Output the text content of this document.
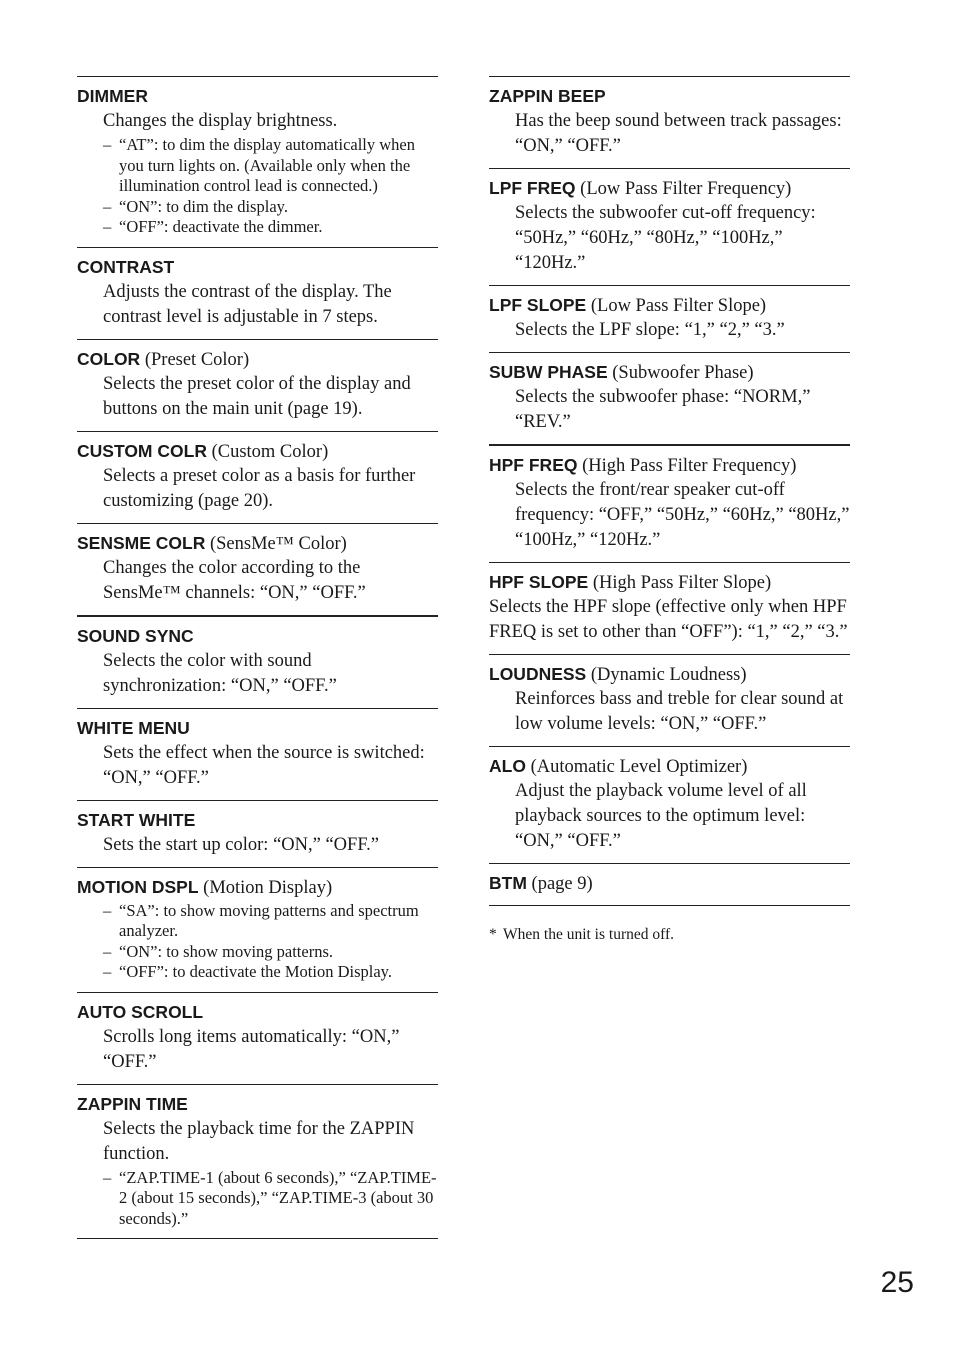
DIMMER

Changes the display brightness.

– “AT”: to dim the display automatically when you turn lights on. (Available only when the illumination control lead is connected.)
– “ON”: to dim the display.
– “OFF”: deactivate the dimmer.

CONTRAST

Adjusts the contrast of the display. The contrast level is adjustable in 7 steps.

COLOR (Preset Color)

Selects the preset color of the display and buttons on the main unit (page 19).

CUSTOM COLR (Custom Color)

Selects a preset color as a basis for further customizing (page 20).

SENSME COLR (SensMe™ Color)

Changes the color according to the SensMe™ channels: “ON,” “OFF.”

SOUND SYNC

Selects the color with sound synchronization: “ON,” “OFF.”

WHITE MENU

Sets the effect when the source is switched: “ON,” “OFF.”

START WHITE

Sets the start up color: “ON,” “OFF.”

MOTION DSPL (Motion Display)

– “SA”: to show moving patterns and spectrum analyzer.
– “ON”: to show moving patterns.
– “OFF”: to deactivate the Motion Display.

AUTO SCROLL

Scrolls long items automatically: “ON,” “OFF.”

ZAPPIN TIME

Selects the playback time for the ZAPPIN function.

– “ZAP.TIME-1 (about 6 seconds),” “ZAP.TIME-2 (about 15 seconds),” “ZAP.TIME-3 (about 30 seconds).”

ZAPPIN BEEP

Has the beep sound between track passages: “ON,” “OFF.”

LPF FREQ (Low Pass Filter Frequency)

Selects the subwoofer cut-off frequency: “50Hz,” “60Hz,” “80Hz,” “100Hz,” “120Hz.”

LPF SLOPE (Low Pass Filter Slope)

Selects the LPF slope: “1,” “2,” “3.”

SUBW PHASE (Subwoofer Phase)

Selects the subwoofer phase: “NORM,” “REV.”

HPF FREQ (High Pass Filter Frequency)

Selects the front/rear speaker cut-off frequency: “OFF,” “50Hz,” “60Hz,” “80Hz,” “100Hz,” “120Hz.”

HPF SLOPE (High Pass Filter Slope)

Selects the HPF slope (effective only when HPF FREQ is set to other than “OFF”): “1,” “2,” “3.”

LOUDNESS (Dynamic Loudness)

Reinforces bass and treble for clear sound at low volume levels: “ON,” “OFF.”

ALO (Automatic Level Optimizer)

Adjust the playback volume level of all playback sources to the optimum level: “ON,” “OFF.”

BTM (page 9)

* When the unit is turned off.
25
